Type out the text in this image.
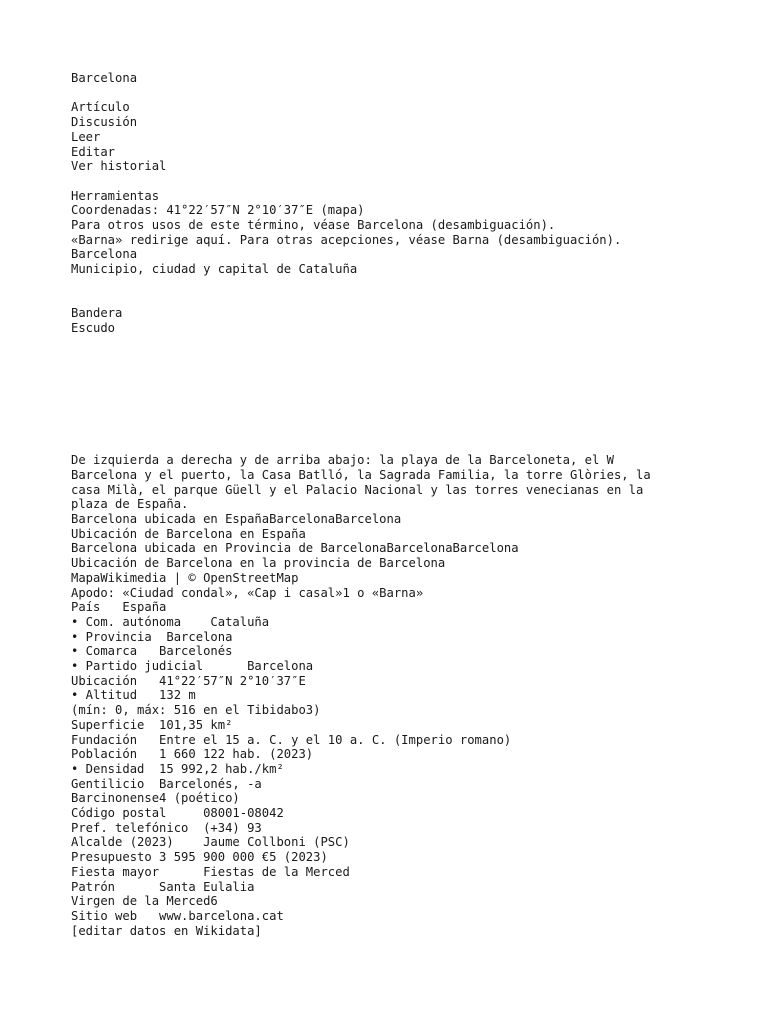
Barcelona
Artículo
Discusión
Leer
Editar
Ver historial
Herramientas
Coordenadas: 41°22′57″N 2°10′37″E (mapa)
Para otros usos de este término, véase Barcelona (desambiguación).
«Barna» redirige aquí. Para otras acepciones, véase Barna (desambiguación).
Barcelona
Municipio, ciudad y capital de Cataluña
Bandera
Escudo
De izquierda a derecha y de arriba abajo: la playa de la Barceloneta, el W Barcelona y el puerto, la Casa Batlló, la Sagrada Familia, la torre Glòries, la casa Milà, el parque Güell y el Palacio Nacional y las torres venecianas en la plaza de España.
Barcelona ubicada en EspañaBarcelonaBarcelona
Ubicación de Barcelona en España
Barcelona ubicada en Provincia de BarcelonaBarcelonaBarcelona
Ubicación de Barcelona en la provincia de Barcelona
MapaWikimedia | © OpenStreetMap
Apodo: «Ciudad condal», «Cap i casal»1 o «Barna»
País   España
• Com. autónoma    Cataluña
• Provincia  Barcelona
• Comarca   Barcelonés
• Partido judicial      Barcelona
Ubicación   41°22′57″N 2°10′37″E
• Altitud   132 m
(mín: 0, máx: 516 en el Tibidabo3)
Superficie  101,35 km²
Fundación   Entre el 15 a. C. y el 10 a. C. (Imperio romano)
Población   1 660 122 hab. (2023)
• Densidad  15 992,2 hab./km²
Gentilicio  Barcelonés, -a
Barcinonense4 (poético)
Código postal     08001-08042
Pref. telefónico  (+34) 93
Alcalde (2023)    Jaume Collboni (PSC)
Presupuesto 3 595 900 000 €5 (2023)
Fiesta mayor      Fiestas de la Merced
Patrón      Santa Eulalia
Virgen de la Merced6
Sitio web   www.barcelona.cat
[editar datos en Wikidata]
